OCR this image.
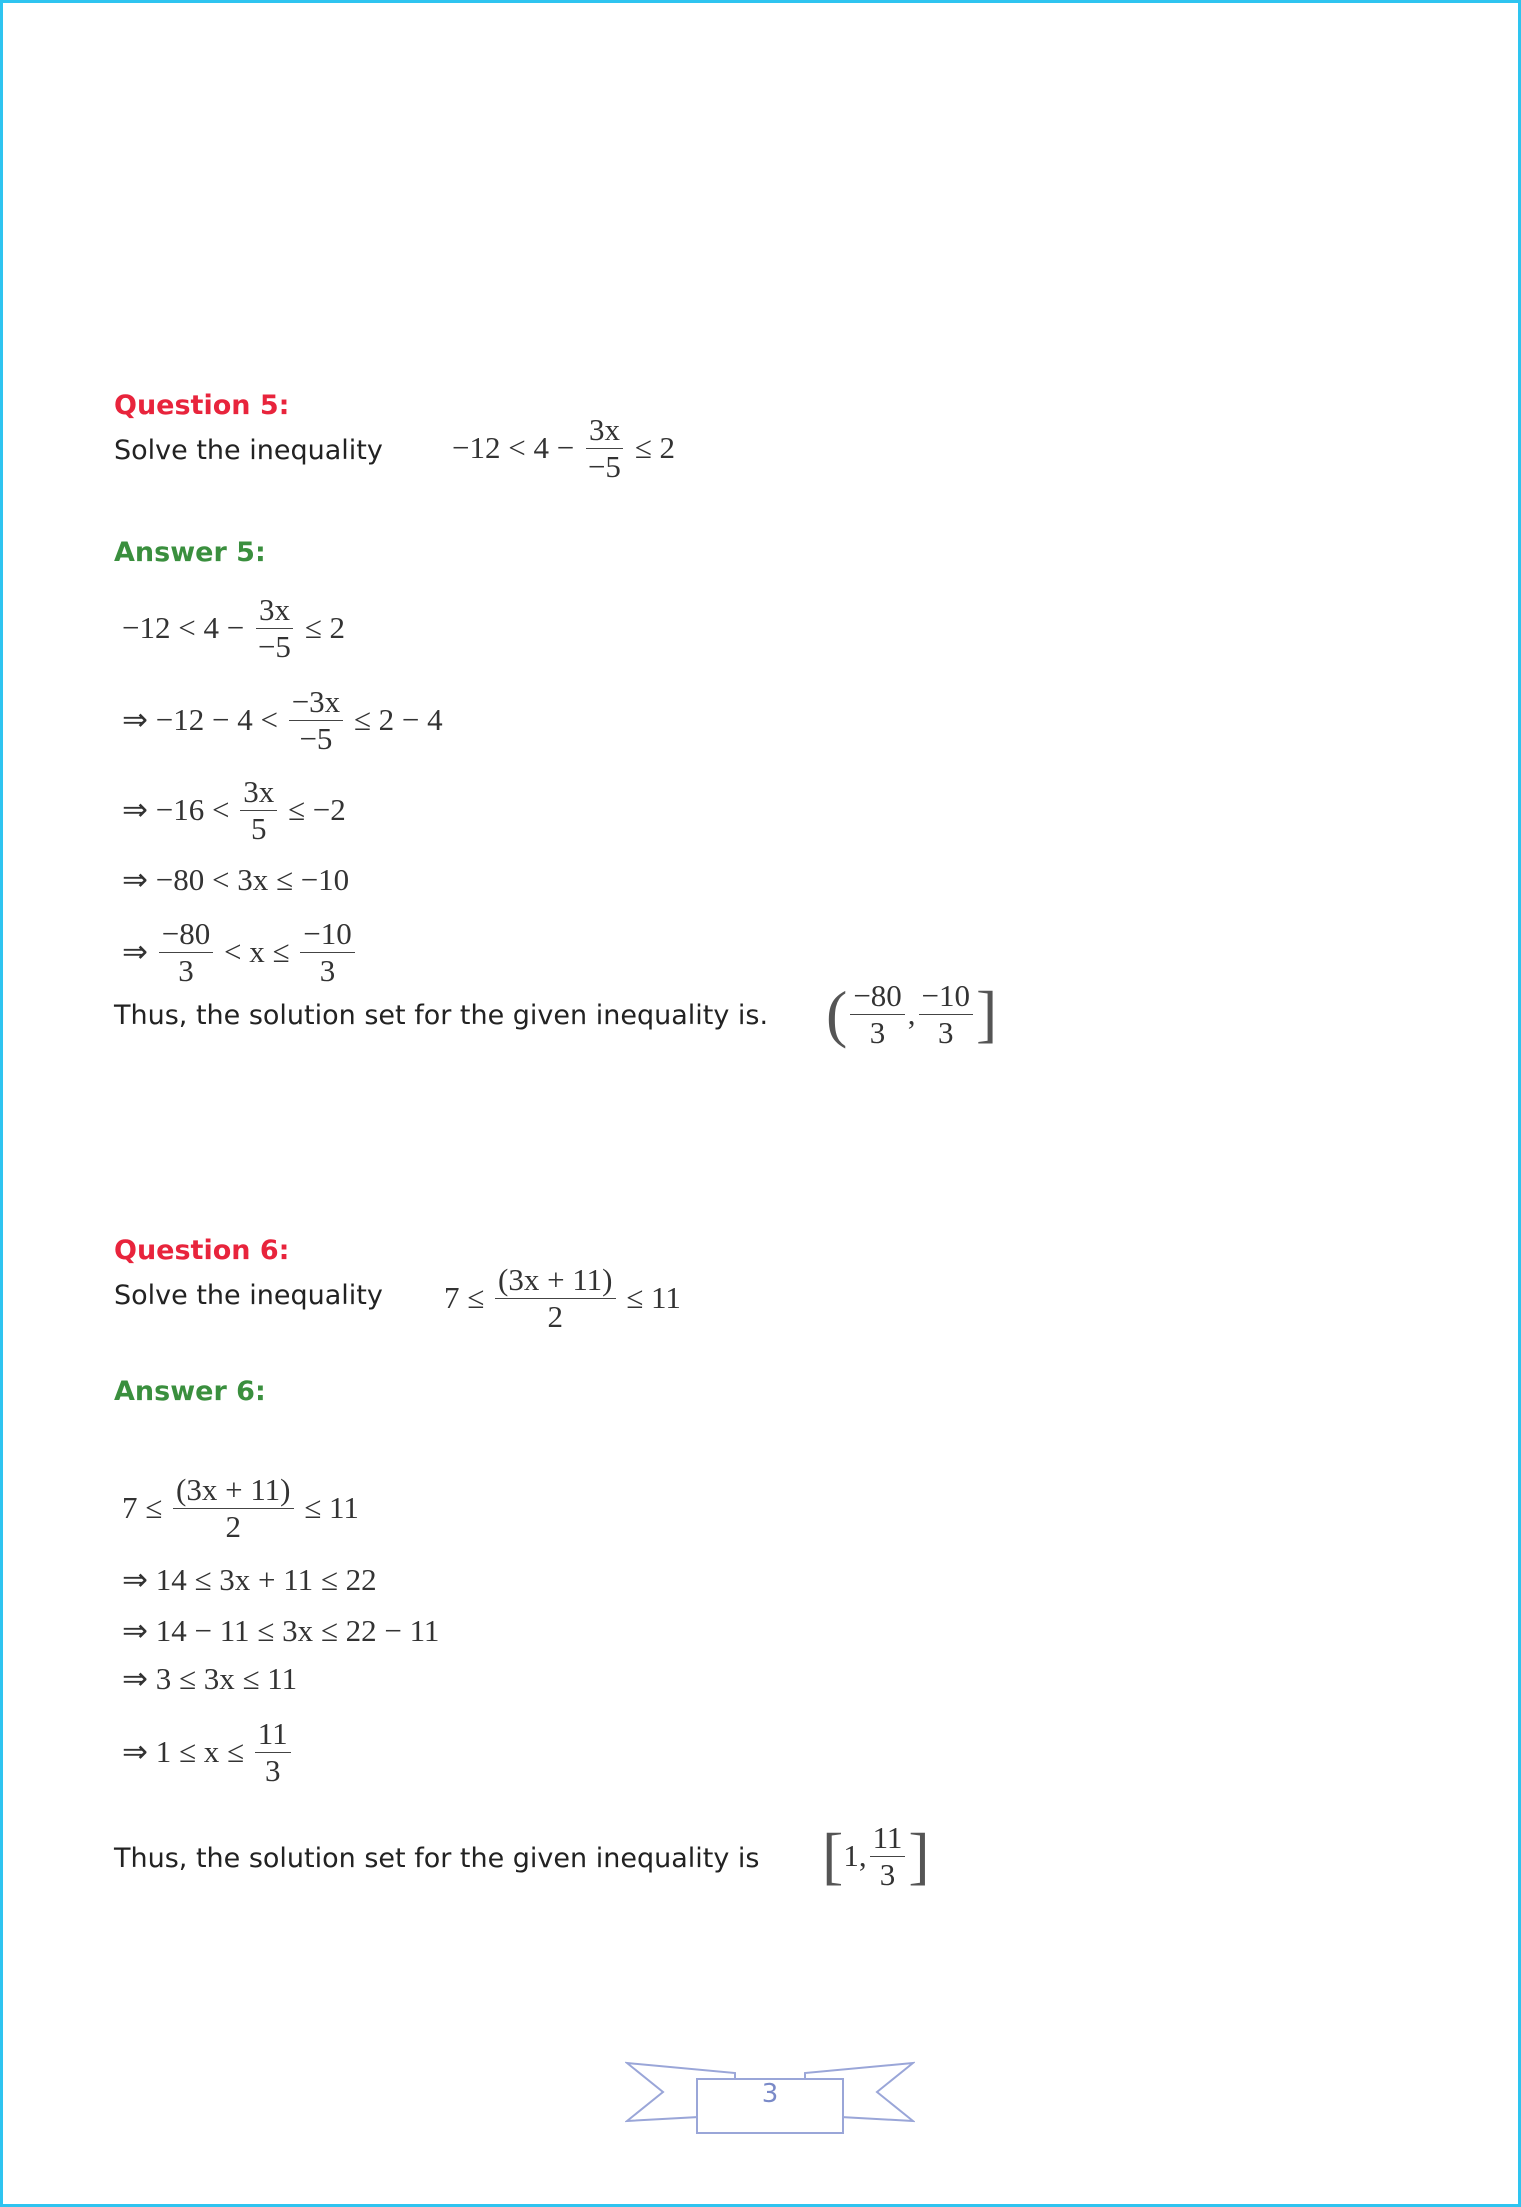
Question 5:
Solve the inequality $-12 < 4 - \frac{3x}{-5} \le 2$
Answer 5:
$-12 < 4 - \frac{3x}{-5} \le 2$
⇒ $-12 - 4 < \frac{-3x}{-5} \le 2 - 4$
⇒ $-16 < \frac{3x}{5} \le -2$
⇒ −80 < 3x ≤ −10
⇒ $\frac{-80}{3} < x \le \frac{-10}{3}$
Thus, the solution set for the given inequality is. ( $\frac{-80}{3}$ , $\frac{-10}{3}$ ]
Question 6:
Solve the inequality $7 \le \frac{(3x + 11)}{2} \le 11$
Answer 6:
$7 \le \frac{(3x + 11)}{2} \le 11$
⇒ 14 ≤ 3x + 11 ≤ 22
⇒ 14 − 11 ≤ 3x ≤ 22 − 11
⇒ 3 ≤ 3x ≤ 11
⇒ $1 \le x \le \frac{11}{3}$
Thus, the solution set for the given inequality is [ 1 , $\frac{11}{3}$ ]
3
